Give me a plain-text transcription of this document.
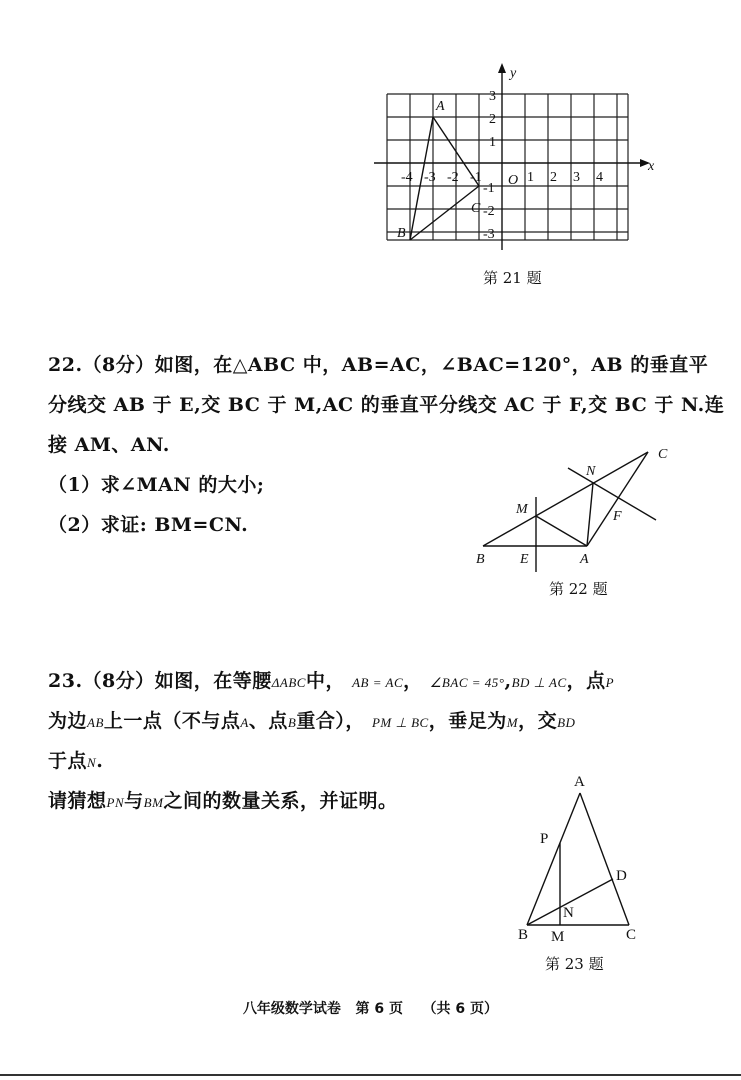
x
y
O
A
B
C
-4 -3 -2 -1	1 2 3 4
3
2
1
-1
-2
-3
第 21 题
22.（8分）如图，在△ABC 中，AB=AC，∠BAC=120°，AB 的垂直平
分线交 AB 于 E,交 BC 于 M,AC 的垂直平分线交 AC 于 F,交 BC 于 N.连
接 AM、AN.
（1）求∠MAN 的大小;
（2）求证: BM=CN.
B	E	A
M
N
F
C
第 22 题
23.（8分）如图，在等腰ΔABC中， AB = AC， ∠BAC = 45°,BD ⊥ AC，点P
为边AB上一点（不与点A、点B重合）， PM ⊥ BC，垂足为M，交BD
于点N.
请猜想PN与BM之间的数量关系，并证明。
A
P
D
N
B M	C
第 23 题
八年级数学试卷   第 6 页    （共 6 页）
